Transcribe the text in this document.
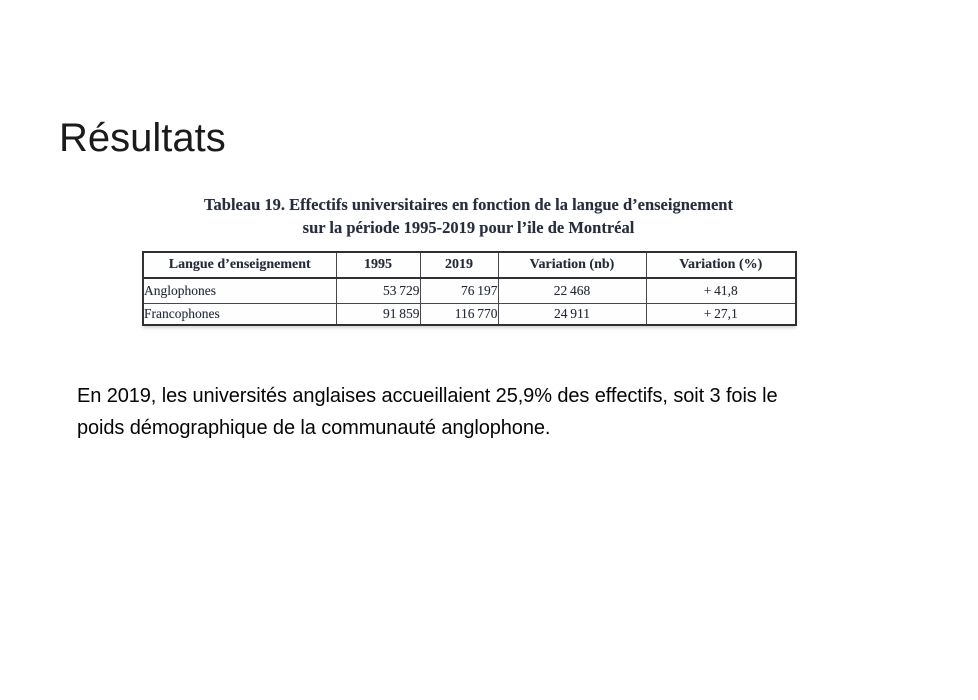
Résultats
Tableau 19. Effectifs universitaires en fonction de la langue d’enseignement
sur la période 1995-2019 pour l’ile de Montréal
Langue d’enseignement	1995	2019	Variation (nb)	Variation (%)
Anglophones	53 729	76 197	22 468	+ 41,8
Francophones	91 859	116 770	24 911	+ 27,1
En 2019, les universités anglaises accueillaient 25,9% des effectifs, soit 3 fois le
poids démographique de la communauté anglophone.
